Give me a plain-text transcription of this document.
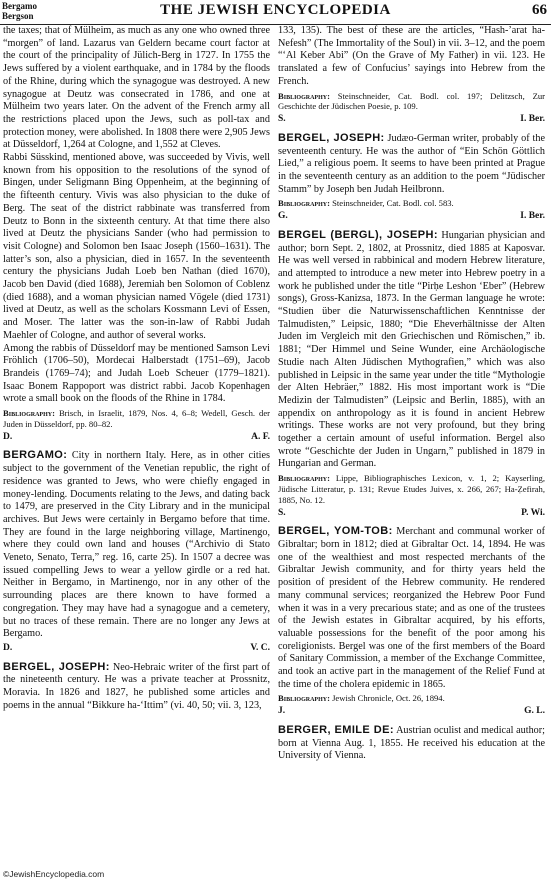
Bergamo
Bergson	THE JEWISH ENCYCLOPEDIA	66

the taxes; that of Mülheim, as much as any one who owned three “morgen” of land. Lazarus van Geldern became court factor at the court of the principality of Jülich-Berg in 1727. In 1755 the Jews suffered by a violent earthquake, and in 1784 by the floods of the Rhine, during which the synagogue was destroyed. A new synagogue at Deutz was consecrated in 1786, and one at Mülheim two years later. On the advent of the French army all the restrictions placed upon the Jews, such as poll-tax and protection money, were abolished. In 1808 there were 2,905 Jews at Düsseldorf, 1,264 at Cologne, and 1,552 at Cleves.

Rabbi Süsskind, mentioned above, was succeeded by Vivis, well known from his opposition to the resolutions of the synod of Bingen, under Seligmann Bing Oppenheim, at the beginning of the fifteenth century. Vivis was also physician to the duke of Berg. The seat of the district rabbinate was transferred from Deutz to Bonn in the sixteenth century. At that time there also lived at Deutz the physicians Sander (who had permission to visit Cologne) and Solomon ben Isaac Joseph (1560–1631). The latter’s son, also a physician, died in 1657. In the seventeenth century the physicians Judah Loeb ben Nathan (died 1670), Jacob ben David (died 1688), Jeremiah ben Solomon of Coblenz (died 1688), and a woman physician named Vögele (died 1731) lived at Deutz, as well as the scholars Kossmann Levi of Essen, and Moser. The latter was the son-in-law of Rabbi Judah Maehler of Cologne, and author of several works.

Among the rabbis of Düsseldorf may be mentioned Samson Levi Fröhlich (1706–50), Mordecai Halberstadt (1751–69), Jacob Brandeis (1769–74); and Judah Loeb Scheuer (1779–1821). Isaac Bonem Rappoport was district rabbi. Jacob Kopenhagen wrote a small book on the floods of the Rhine in 1784.

Bibliography: Brisch, in Israelit, 1879, Nos. 4, 6–8; Wedell, Gesch. der Juden in Düsseldorf, pp. 80–82.
D.	A. F.

BERGAMO: City in northern Italy. Here, as in other cities subject to the government of the Venetian republic, the right of residence was granted to Jews, who were chiefly engaged in money-lending. Documents relating to the Jews, and dating back to 1479, are preserved in the City Library and in the municipal archives. But Jews were certainly in Bergamo before that time. They are found in the large neighboring village, Martinengo, where they could own land and houses (“Archivio di Stato Veneto, Senato, Terra,” reg. 16, carte 25). In 1507 a decree was issued compelling Jews to wear a yellow girdle or a red hat. Neither in Bergamo, in Martinengo, nor in any other of the surrounding places are there known to have formed a congregation. They may have had a synagogue and a cemetery, but no traces of these remain. There are no longer any Jews at Bergamo.

D.	V. C.

BERGEL, JOSEPH: Neo-Hebraic writer of the first part of the nineteenth century. He was a private teacher at Prossnitz, Moravia. In 1826 and 1827, he published some articles and poems in the annual “Bikkure ha-‘Ittim” (vi. 40, 50; vii. 3, 123,

133, 135). The best of these are the articles, “Hash-’arat ha-Nefesh” (The Immortality of the Soul) in vii. 3–12, and the poem “‘Al Keber Abi” (On the Grave of My Father) in vii. 123. He translated a few of Confucius’ sayings into Hebrew from the French.

Bibliography: Steinschneider, Cat. Bodl. col. 197; Delitzsch, Zur Geschichte der Jüdischen Poesie, p. 109.
S.	I. Ber.

BERGEL, JOSEPH: Judæo-German writer, probably of the seventeenth century. He was the author of “Ein Schön Göttlich Lied,” a religious poem. It seems to have been printed at Prague in the seventeenth century as an addition to the poem “Jüdischer Stamm” by Joseph ben Judah Heilbronn.

Bibliography: Steinschneider, Cat. Bodl. col. 583.
G.	I. Ber.

BERGEL (BERGL), JOSEPH: Hungarian physician and author; born Sept. 2, 1802, at Prossnitz, died 1885 at Kaposvar. He was well versed in rabbinical and modern Hebrew literature, and attempted to introduce a new meter into Hebrew poetry in a work he published under the title “Pirḥe Leshon ‘Eber” (Hebrew songs), Gross-Kanizsa, 1873. In the German language he wrote: “Studien über die Naturwissenschaftlichen Kenntnisse der Talmudisten,” Leipsic, 1880; “Die Eheverhältnisse der Alten Juden im Vergleich mit den Griechischen und Römischen,” ib. 1881; “Der Himmel und Seine Wunder, eine Archäologische Studie nach Alten Jüdischen Mythografien,” which was also published in Leipsic in the same year under the title “Mythologie der Alten Hebräer,” 1882. His most important work is “Die Medizin der Talmudisten” (Leipsic and Berlin, 1885), with an appendix on anthropology as it is found in ancient Hebrew writings. These works are not very profound, but they bring together a certain amount of useful information. Bergel also wrote “Geschichte der Juden in Ungarn,” published in 1879 in Hungarian and German.

Bibliography: Lippe, Bibliographisches Lexicon, v. 1, 2; Kayserling, Jüdische Litteratur, p. 131; Revue Etudes Juives, x. 266, 267; Ha-Ẓefirah, 1885, No. 12.
S.	P. Wi.

BERGEL, YOM-TOB: Merchant and communal worker of Gibraltar; born in 1812; died at Gibraltar Oct. 14, 1894. He was one of the wealthiest and most respected merchants of the Gibraltar Jewish community, and for thirty years held the position of president of the Hebrew community. He rendered many communal services; reorganized the Hebrew Poor Fund when it was in a very precarious state; and as one of the trustees of the Jewish estates in Gibraltar acquired, by his efforts, valuable possessions for the benefit of the poor among his coreligionists. Bergel was one of the first members of the Board of Sanitary Commission, a member of the Exchange Committee, and took an active part in the management of the Relief Fund at the time of the cholera epidemic in 1865.

Bibliography: Jewish Chronicle, Oct. 26, 1894.
J.	G. L.

BERGER, EMILE DE: Austrian oculist and medical author; born at Vienna Aug. 1, 1855. He received his education at the University of Vienna.

©JewishEncyclopedia.com
